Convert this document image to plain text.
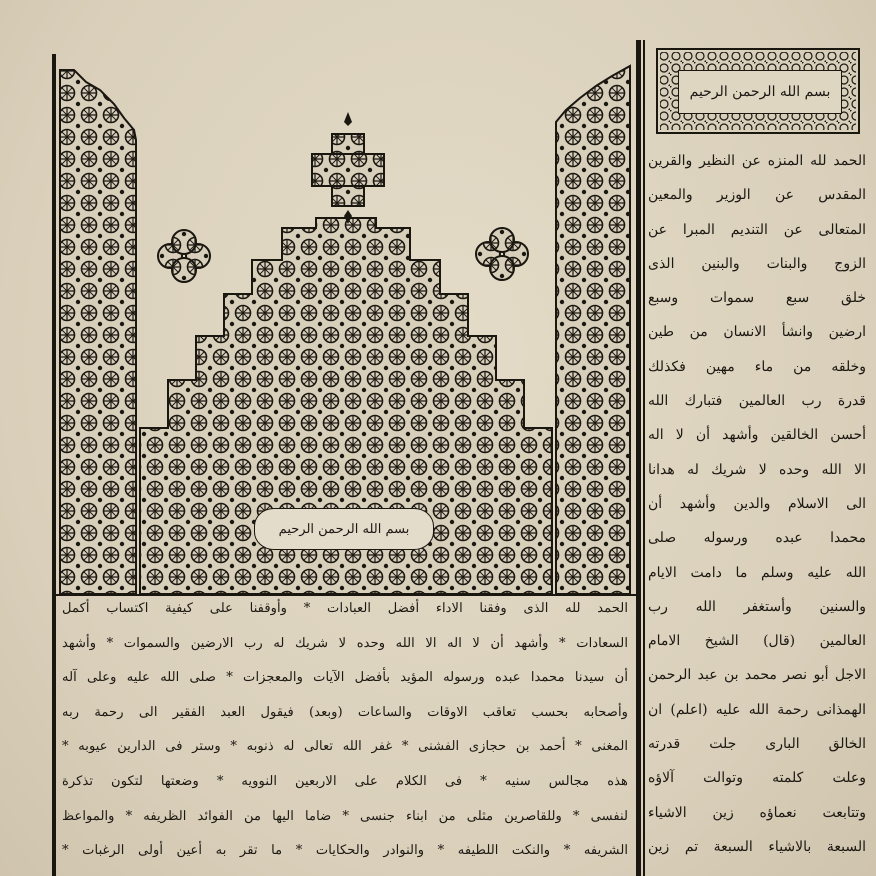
بسم الله الرحمن الرحيم
بسم الله الرحمن الرحيم
الحمد لله المنزه عن النظير والقرين
المقدس عن الوزير والمعين
المتعالى عن التنديم المبرا عن
الزوج والبنات والبنين الذى
خلق سبع سموات وسبع
ارضين وانشأ الانسان من طين
وخلقه من ماء مهين فكذلك
قدرة رب العالمين فتبارك الله
أحسن الخالقين وأشهد أن لا اله
الا الله وحده لا شريك له هدانا
الى الاسلام والدين وأشهد أن
محمدا عبده ورسوله صلى
الله عليه وسلم ما دامت الايام
والسنين وأستغفر الله رب
العالمين (قال) الشيخ الامام
الاجل أبو نصر محمد بن عبد الرحمن
الهمذانى رحمة الله عليه (اعلم) ان
الخالق البارى جلت قدرته
وعلت كلمته وتوالت آلاؤه
وتتابعت نعماؤه زين الاشياء
السبعة بالاشياء السبعة تم زين
الحمد لله الذى وفقنا الاداء أفضل العبادات * وأوقفنا على كيفية اكتساب أكمل
السعادات * وأشهد أن لا اله الا الله وحده لا شريك له رب الارضين والسموات * وأشهد
أن سيدنا محمدا عبده ورسوله المؤيد بأفضل الآيات والمعجزات * صلى الله عليه وعلى آله
وأصحابه بحسب تعاقب الاوقات والساعات (وبعد) فيقول العبد الفقير الى رحمة ربه
المغنى * أحمد بن حجازى الفشنى * غفر الله تعالى له ذنوبه * وستر فى الدارين عيوبه *
هذه مجالس سنيه * فى الكلام على الاربعين النوويه * وضعتها لتكون تذكرة
لنفسى * وللقاصرين مثلى من ابناء جنسى * ضاما اليها من الفوائد الظريفه * والمواعظ
الشريفه * والنكت اللطيفه * والنوادر والحكايات * ما تقر به أعين أولى الرغبات *
